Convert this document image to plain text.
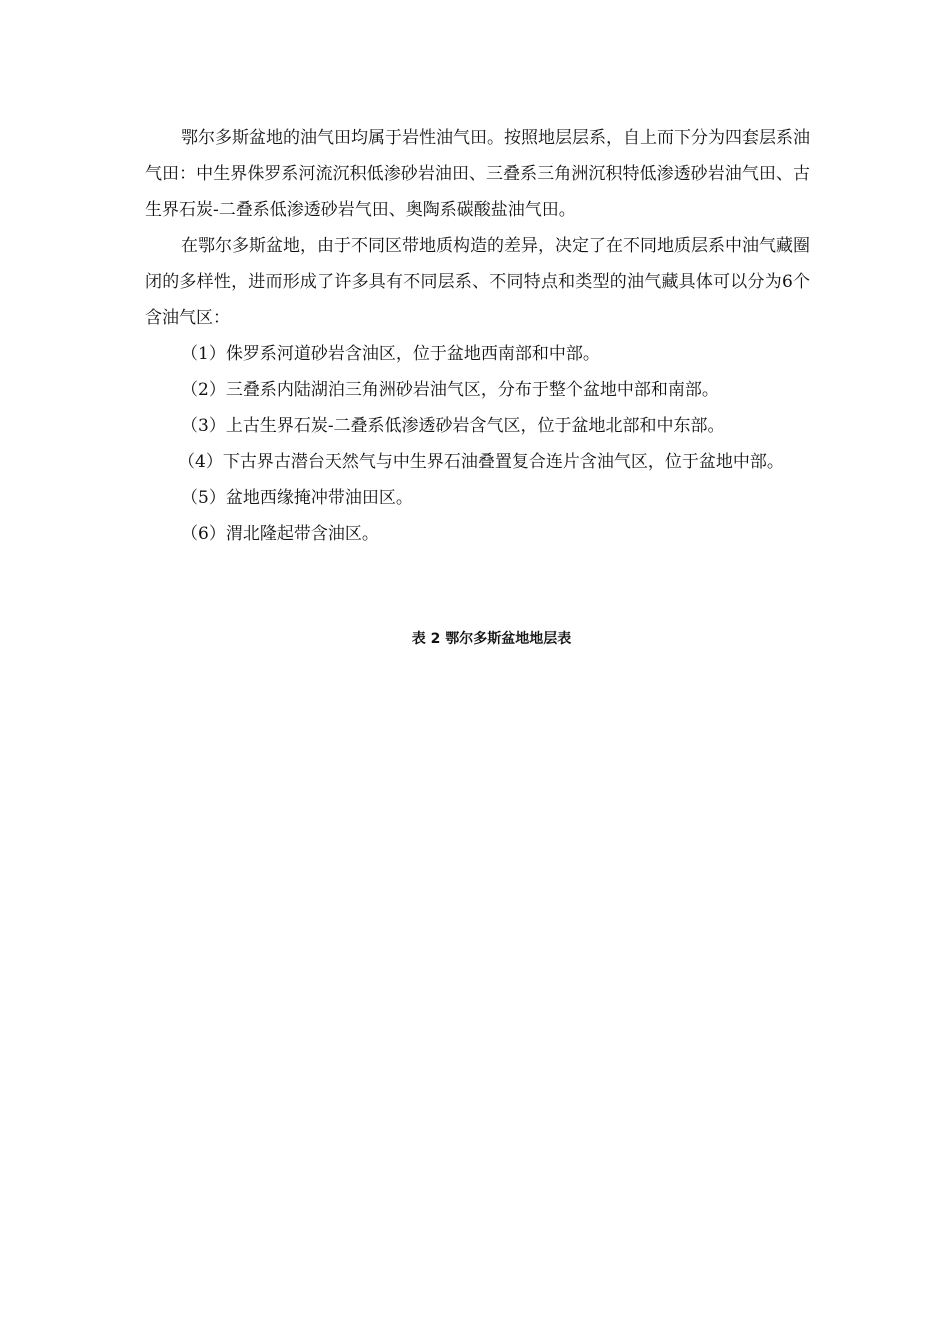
鄂尔多斯盆地的油气田均属于岩性油气田。按照地层层系，自上而下分为四套层系油气田：中生界侏罗系河流沉积低渗砂岩油田、三叠系三角洲沉积特低渗透砂岩油气田、古生界石炭-二叠系低渗透砂岩气田、奥陶系碳酸盐油气田。

在鄂尔多斯盆地，由于不同区带地质构造的差异，决定了在不同地质层系中油气藏圈闭的多样性，进而形成了许多具有不同层系、不同特点和类型的油气藏具体可以分为6个含油气区：

（1）侏罗系河道砂岩含油区，位于盆地西南部和中部。

（2）三叠系内陆湖泊三角洲砂岩油气区，分布于整个盆地中部和南部。

（3）上古生界石炭-二叠系低渗透砂岩含气区，位于盆地北部和中东部。

（4）下古界古潜台天然气与中生界石油叠置复合连片含油气区，位于盆地中部。

（5）盆地西缘掩冲带油田区。

（6）渭北隆起带含油区。

表 2 鄂尔多斯盆地地层表
